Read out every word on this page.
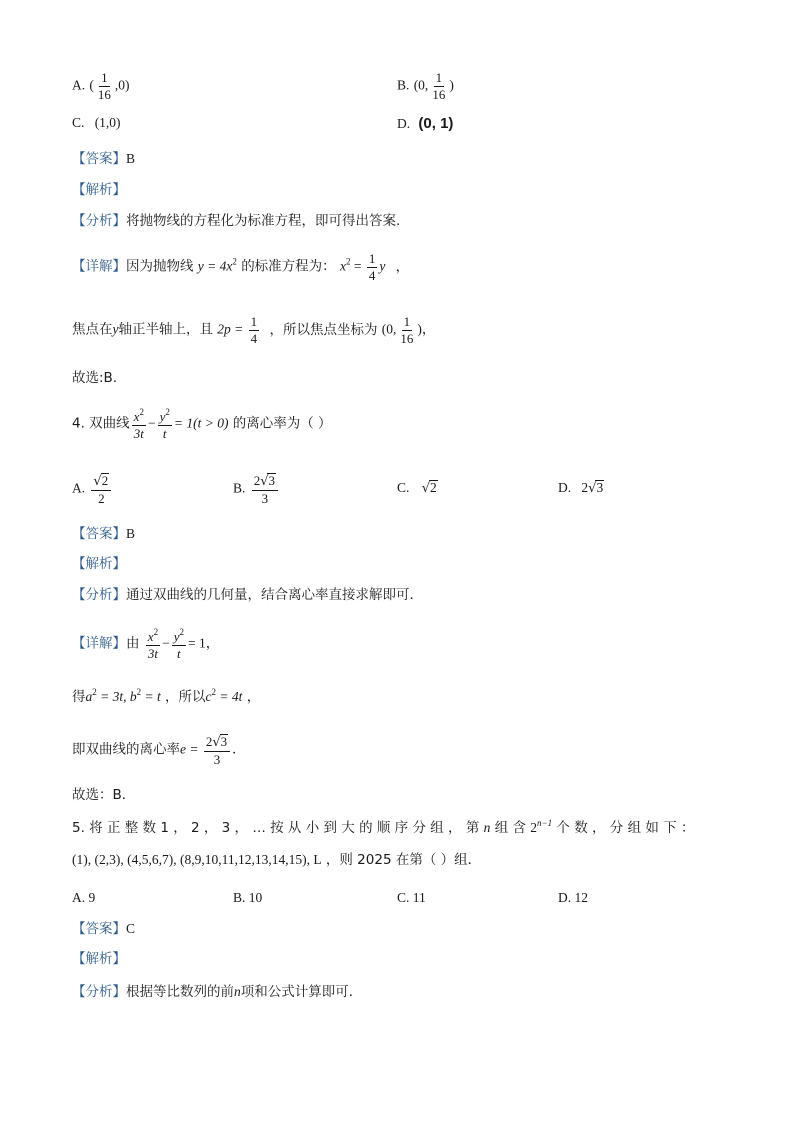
A. ( $\frac{1}{16} ,0$)	B. (0, $\frac{1}{16}$ )
C. (1,0)	D. (0, 1)
【答案】B
【解析】
【分析】将抛物线的方程化为标准方程，即可得出答案.
【详解】因为抛物线 $y = 4x^2$ 的标准方程为： $x^2 = \frac{1}{4}$ y ，
焦点在y轴正半轴上，且 $2p = \frac{1}{4}$ ，所以焦点坐标为 (0, $\frac{1}{16}$ )，
故选:B.
4. 双曲线 $\frac{x^2}{3t} - \frac{y^2}{t} = 1(t > 0)$ 的离心率为（ ）
A. $\frac{√2}{2}$	B. $\frac{2√3}{3}$	C. √2	D. 2√3
【答案】B
【解析】
【分析】通过双曲线的几何量，结合离心率直接求解即可．
【详解】由 $\frac{x^2}{3t} - \frac{y^2}{t} = 1$，
得$a^2 = 3t$, $b^2 = t$ ，所以$c^2 = 4t$ ，
即双曲线的离心率$e = \frac{2√3}{3}$ ．
故选：B．
5. 将 正 整 数 1 ， 2 ， 3 ， … 按 从 小 到 大 的 顺 序 分 组 ， 第 n 组 含 $2^{n-1}$ 个 数 ， 分 组 如 下 ：
(1), (2,3), (4,5,6,7), (8,9,10,11,12,13,14,15), L ，则 2025 在第（ ）组．
A. 9	B. 10	C. 11	D. 12
【答案】C
【解析】
【分析】根据等比数列的前n项和公式计算即可．
